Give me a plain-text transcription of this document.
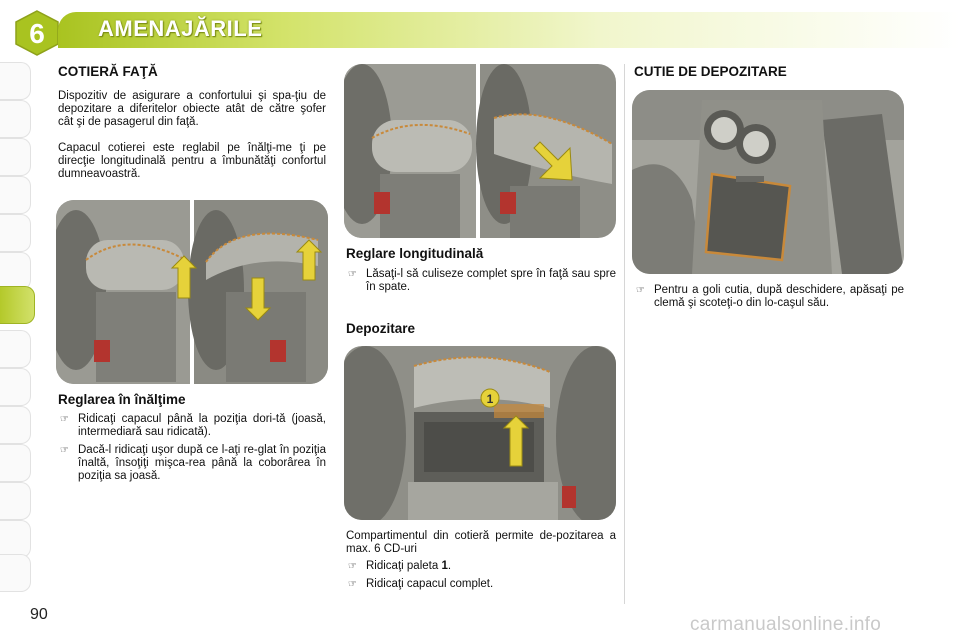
6 AMENAJĂRILE
COTIERĂ FAŢĂ

Dispozitiv de asigurare a confortului şi spa-ţiu de depozitare a diferitelor obiecte atât de către şofer cât şi de pasagerul din faţă.

Capacul cotierei este reglabil pe înălţi-me ţi pe direcţie longitudinală pentru a îmbunătăţi confortul dumneavoastră.

Reglarea în înălţime
☞ Ridicaţi capacul până la poziţia dori-tă (joasă, intermediară sau ridicată).
☞ Dacă-l ridicaţi uşor după ce l-aţi re-glat în poziţia înaltă, însoţiţi mişca-rea până la coborârea în poziţia sa joasă.
Reglare longitudinală
☞ Lăsaţi-l să culiseze complet spre în faţă sau spre în spate.
Depozitare
1

Compartimentul din cotieră permite de-pozitarea a max. 6 CD-uri

☞ Ridicaţi paleta 1.
☞ Ridicaţi capacul complet.
CUTIE DE DEPOZITARE
☞ Pentru a goli cutia, după deschidere, apăsaţi pe clemă şi scoteţi-o din lo-caşul său.
90	carmanualsonline.info
